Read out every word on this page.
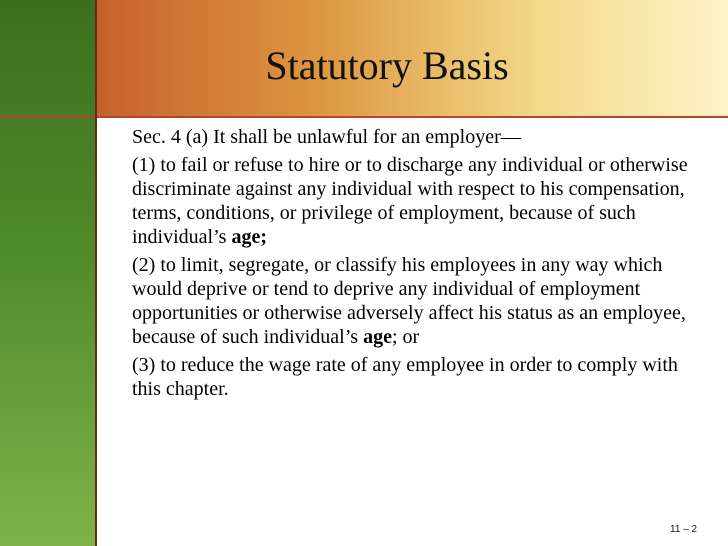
Statutory Basis

Sec. 4 (a) It shall be unlawful for an employer—

(1) to fail or refuse to hire or to discharge any individual or otherwise discriminate against any individual with respect to his compensation, terms, conditions, or privilege of employment, because of such individual’s age;

(2) to limit, segregate, or classify his employees in any way which would deprive or tend to deprive any individual of employment opportunities or otherwise adversely affect his status as an employee, because of such individual’s age; or

(3) to reduce the wage rate of any employee in order to comply with this chapter.

11 – 2
